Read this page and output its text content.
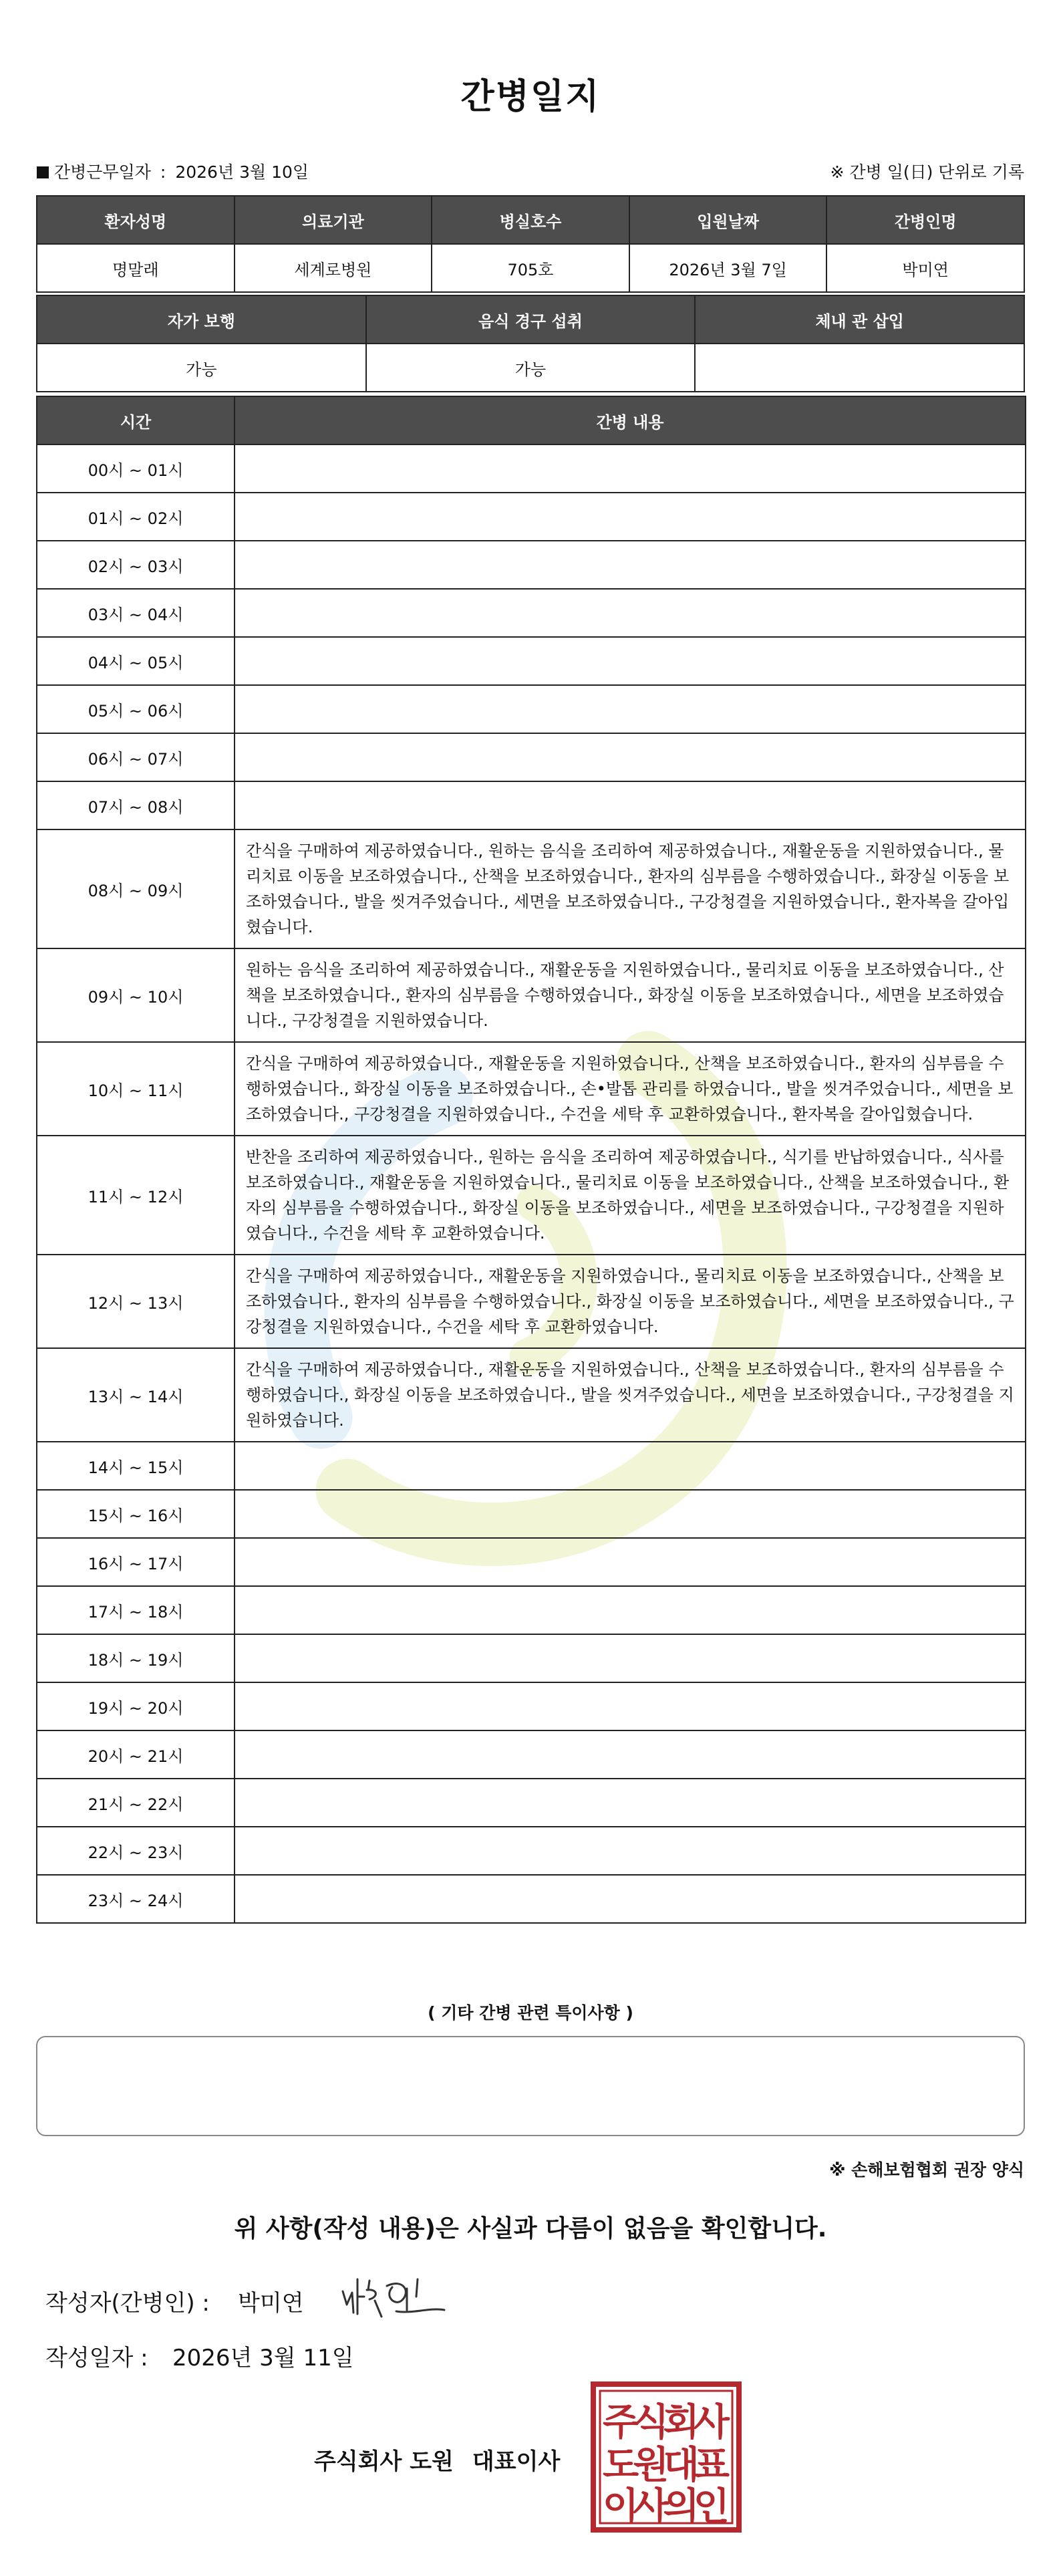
간병일지
간병근무일자 : 2026년 3월 10일	※ 간병 일(日) 단위로 기록
환자성명	의료기관	병실호수	입원날짜	간병인명
명말래	세계로병원	705호	2026년 3월 7일	박미연
자가 보행	음식 경구 섭취	체내 관 삽입
가능	가능	
시간	간병 내용
00시 ~ 01시	
01시 ~ 02시	
02시 ~ 03시	
03시 ~ 04시	
04시 ~ 05시	
05시 ~ 06시	
06시 ~ 07시	
07시 ~ 08시	
08시 ~ 09시	간식을 구매하여 제공하였습니다., 원하는 음식을 조리하여 제공하였습니다., 재활운동을 지원하였습니다., 물리치료 이동을 보조하였습니다., 산책을 보조하였습니다., 환자의 심부름을 수행하였습니다., 화장실 이동을 보조하였습니다., 발을 씻겨주었습니다., 세면을 보조하였습니다., 구강청결을 지원하였습니다., 환자복을 갈아입혔습니다.
09시 ~ 10시	원하는 음식을 조리하여 제공하였습니다., 재활운동을 지원하였습니다., 물리치료 이동을 보조하였습니다., 산책을 보조하였습니다., 환자의 심부름을 수행하였습니다., 화장실 이동을 보조하였습니다., 세면을 보조하였습니다., 구강청결을 지원하였습니다.
10시 ~ 11시	간식을 구매하여 제공하였습니다., 재활운동을 지원하였습니다., 산책을 보조하였습니다., 환자의 심부름을 수행하였습니다., 화장실 이동을 보조하였습니다., 손•발톱 관리를 하였습니다., 발을 씻겨주었습니다., 세면을 보조하였습니다., 구강청결을 지원하였습니다., 수건을 세탁 후 교환하였습니다., 환자복을 갈아입혔습니다.
11시 ~ 12시	반찬을 조리하여 제공하였습니다., 원하는 음식을 조리하여 제공하였습니다., 식기를 반납하였습니다., 식사를 보조하였습니다., 재활운동을 지원하였습니다., 물리치료 이동을 보조하였습니다., 산책을 보조하였습니다., 환자의 심부름을 수행하였습니다., 화장실 이동을 보조하였습니다., 세면을 보조하였습니다., 구강청결을 지원하였습니다., 수건을 세탁 후 교환하였습니다.
12시 ~ 13시	간식을 구매하여 제공하였습니다., 재활운동을 지원하였습니다., 물리치료 이동을 보조하였습니다., 산책을 보조하였습니다., 환자의 심부름을 수행하였습니다., 화장실 이동을 보조하였습니다., 세면을 보조하였습니다., 구강청결을 지원하였습니다., 수건을 세탁 후 교환하였습니다.
13시 ~ 14시	간식을 구매하여 제공하였습니다., 재활운동을 지원하였습니다., 산책을 보조하였습니다., 환자의 심부름을 수행하였습니다., 화장실 이동을 보조하였습니다., 발을 씻겨주었습니다., 세면을 보조하였습니다., 구강청결을 지원하였습니다.
14시 ~ 15시	
15시 ~ 16시	
16시 ~ 17시	
17시 ~ 18시	
18시 ~ 19시	
19시 ~ 20시	
20시 ~ 21시	
21시 ~ 22시	
22시 ~ 23시	
23시 ~ 24시	
( 기타 간병 관련 특이사항 )
※ 손해보험협회 권장 양식
위 사항(작성 내용)은 사실과 다름이 없음을 확인합니다.
작성자(간병인) : 박미연
작성일자 : 2026년 3월 11일
주식회사 도원 대표이사
주식회사
도원대표
이사의인
